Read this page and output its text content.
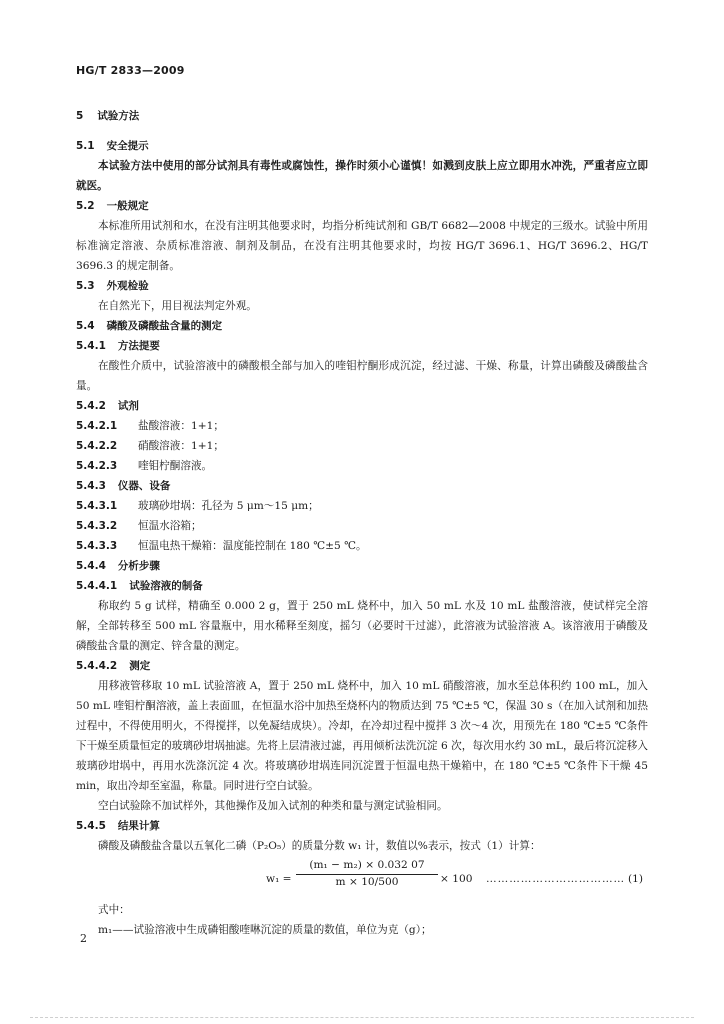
HG/T 2833—2009
5 试验方法
5.1 安全提示
本试验方法中使用的部分试剂具有毒性或腐蚀性，操作时须小心谨慎！如溅到皮肤上应立即用水冲洗，严重者应立即就医。
5.2 一般规定
本标准所用试剂和水，在没有注明其他要求时，均指分析纯试剂和 GB/T 6682—2008 中规定的三级水。试验中所用标准滴定溶液、杂质标准溶液、制剂及制品，在没有注明其他要求时，均按 HG/T 3696.1、HG/T 3696.2、HG/T 3696.3 的规定制备。
5.3 外观检验
在自然光下，用目视法判定外观。
5.4 磷酸及磷酸盐含量的测定
5.4.1 方法提要
在酸性介质中，试验溶液中的磷酸根全部与加入的喹钼柠酮形成沉淀，经过滤、干燥、称量，计算出磷酸及磷酸盐含量。
5.4.2 试剂
5.4.2.1 盐酸溶液：1+1；
5.4.2.2 硝酸溶液：1+1；
5.4.2.3 喹钼柠酮溶液。
5.4.3 仪器、设备
5.4.3.1 玻璃砂坩埚：孔径为 5 μm～15 μm；
5.4.3.2 恒温水浴箱；
5.4.3.3 恒温电热干燥箱：温度能控制在 180 ℃±5 ℃。
5.4.4 分析步骤
5.4.4.1 试验溶液的制备
称取约 5 g 试样，精确至 0.000 2 g，置于 250 mL 烧杯中，加入 50 mL 水及 10 mL 盐酸溶液，使试样完全溶解，全部转移至 500 mL 容量瓶中，用水稀释至刻度，摇匀（必要时干过滤），此溶液为试验溶液 A。该溶液用于磷酸及磷酸盐含量的测定、锌含量的测定。
5.4.4.2 测定
用移液管移取 10 mL 试验溶液 A，置于 250 mL 烧杯中，加入 10 mL 硝酸溶液，加水至总体积约 100 mL，加入 50 mL 喹钼柠酮溶液，盖上表面皿，在恒温水浴中加热至烧杯内的物质达到 75 ℃±5 ℃，保温 30 s（在加入试剂和加热过程中，不得使用明火，不得搅拌，以免凝结成块）。冷却，在冷却过程中搅拌 3 次～4 次，用预先在 180 ℃±5 ℃条件下干燥至质量恒定的玻璃砂坩埚抽滤。先将上层清液过滤，再用倾析法洗沉淀 6 次，每次用水约 30 mL，最后将沉淀移入玻璃砂坩埚中，再用水洗涤沉淀 4 次。将玻璃砂坩埚连同沉淀置于恒温电热干燥箱中，在 180 ℃±5 ℃条件下干燥 45 min，取出冷却至室温，称量。同时进行空白试验。
空白试验除不加试样外，其他操作及加入试剂的种类和量与测定试验相同。
5.4.5 结果计算
磷酸及磷酸盐含量以五氧化二磷（P₂O₅）的质量分数 w₁ 计，数值以%表示，按式（1）计算：
$w_1 = \frac{\text{(m₁ − m₂) × 0.032 07}}{m \times 10/500} \times 100$ ……………………………… (1)
式中：
m₁——试验溶液中生成磷钼酸喹啉沉淀的质量的数值，单位为克（g）；
2
